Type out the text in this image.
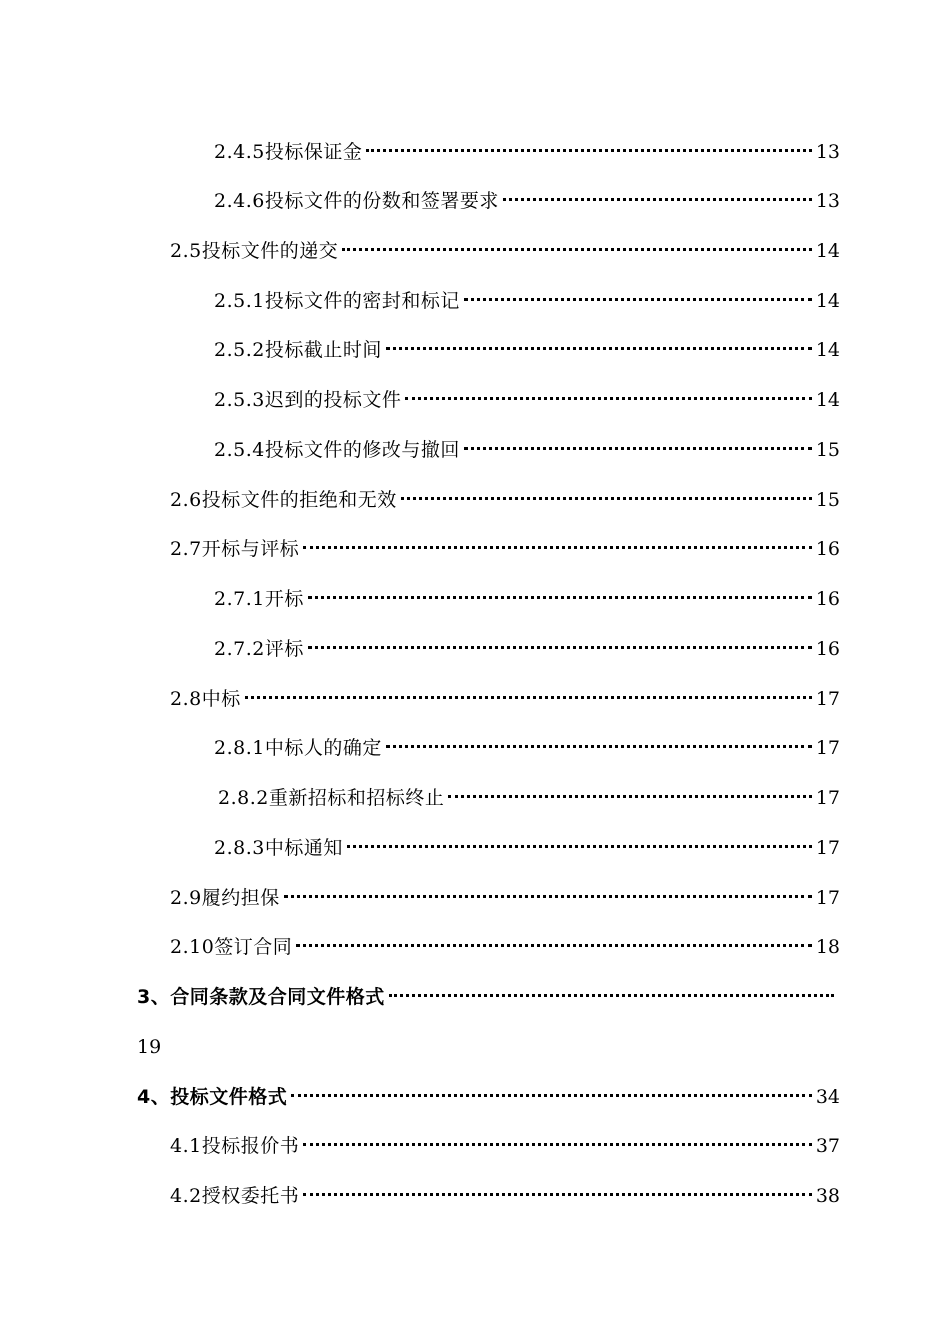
2.4.5投标保证金	13
2.4.6投标文件的份数和签署要求	13
2.5投标文件的递交	14
2.5.1投标文件的密封和标记	14
2.5.2投标截止时间	14
2.5.3迟到的投标文件	14
2.5.4投标文件的修改与撤回	15
2.6投标文件的拒绝和无效	15
2.7开标与评标	16
2.7.1开标	16
2.7.2评标	16
2.8中标	17
2.8.1中标人的确定	17
2.8.2重新招标和招标终止	17
2.8.3中标通知	17
2.9履约担保	17
2.10签订合同	18
3、合同条款及合同文件格式
19
4、投标文件格式	34
4.1投标报价书	37
4.2授权委托书	38
